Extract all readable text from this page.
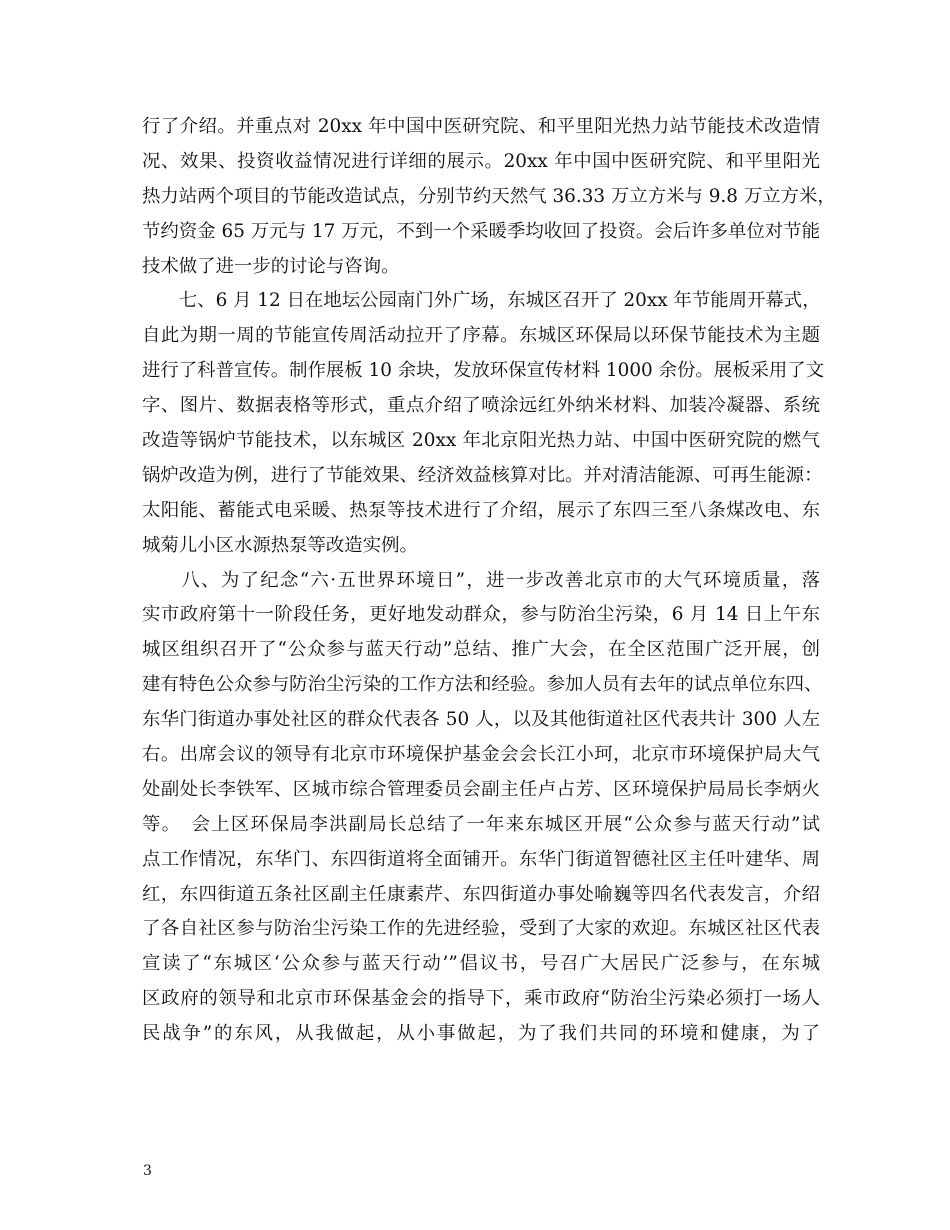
行了介绍。并重点对 20xx 年中国中医研究院、和平里阳光热力站节能技术改造情
况、效果、投资收益情况进行详细的展示。20xx 年中国中医研究院、和平里阳光
热力站两个项目的节能改造试点，分别节约天然气 36.33 万立方米与 9.8 万立方米，
节约资金 65 万元与 17 万元，不到一个采暖季均收回了投资。会后许多单位对节能
技术做了进一步的讨论与咨询。
　　七、6 月 12 日在地坛公园南门外广场，东城区召开了 20xx 年节能周开幕式，
自此为期一周的节能宣传周活动拉开了序幕。东城区环保局以环保节能技术为主题
进行了科普宣传。制作展板 10 余块，发放环保宣传材料 1000 余份。展板采用了文
字、图片、数据表格等形式，重点介绍了喷涂远红外纳米材料、加装冷凝器、系统
改造等锅炉节能技术，以东城区 20xx 年北京阳光热力站、中国中医研究院的燃气
锅炉改造为例，进行了节能效果、经济效益核算对比。并对清洁能源、可再生能源：
太阳能、蓄能式电采暖、热泵等技术进行了介绍，展示了东四三至八条煤改电、东
城菊儿小区水源热泵等改造实例。
　　八、为了纪念“六·五世界环境日”，进一步改善北京市的大气环境质量，落
实市政府第十一阶段任务，更好地发动群众，参与防治尘污染，6 月 14 日上午东
城区组织召开了“公众参与蓝天行动”总结、推广大会，在全区范围广泛开展，创
建有特色公众参与防治尘污染的工作方法和经验。参加人员有去年的试点单位东四、
东华门街道办事处社区的群众代表各 50 人，以及其他街道社区代表共计 300 人左
右。出席会议的领导有北京市环境保护基金会会长江小珂，北京市环境保护局大气
处副处长李铁军、区城市综合管理委员会副主任卢占芳、区环境保护局局长李炳火
等。　会上区环保局李洪副局长总结了一年来东城区开展“公众参与蓝天行动”试
点工作情况，东华门、东四街道将全面铺开。东华门街道智德社区主任叶建华、周
红，东四街道五条社区副主任康素芹、东四街道办事处喻巍等四名代表发言，介绍
了各自社区参与防治尘污染工作的先进经验，受到了大家的欢迎。东城区社区代表
宣读了“东城区‘公众参与蓝天行动’”倡议书，号召广大居民广泛参与，在东城
区政府的领导和北京市环保基金会的指导下，乘市政府“防治尘污染必须打一场人
民战争”的东风，从我做起，从小事做起，为了我们共同的环境和健康，为了
3
